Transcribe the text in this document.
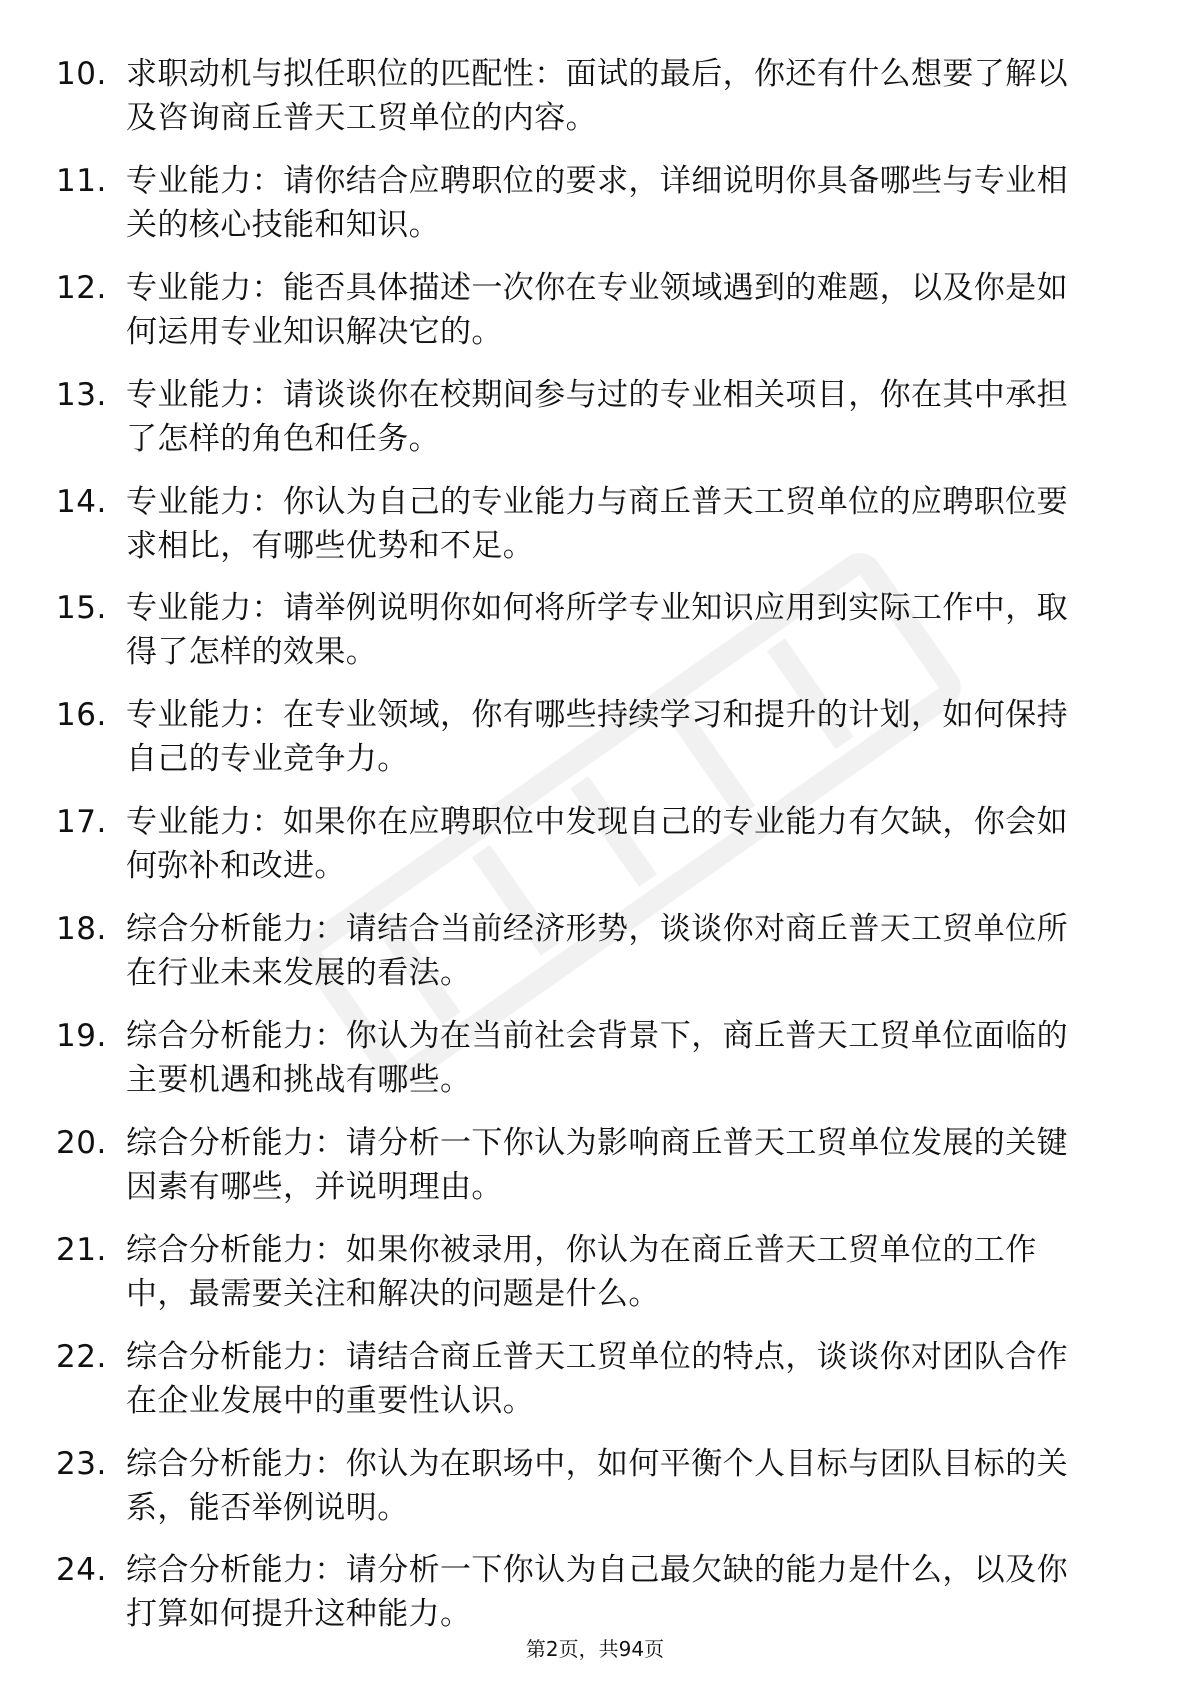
10. 求职动机与拟任职位的匹配性：面试的最后，你还有什么想要了解以及咨询商丘普天工贸单位的内容。
11. 专业能力：请你结合应聘职位的要求，详细说明你具备哪些与专业相关的核心技能和知识。
12. 专业能力：能否具体描述一次你在专业领域遇到的难题，以及你是如何运用专业知识解决它的。
13. 专业能力：请谈谈你在校期间参与过的专业相关项目，你在其中承担了怎样的角色和任务。
14. 专业能力：你认为自己的专业能力与商丘普天工贸单位的应聘职位要求相比，有哪些优势和不足。
15. 专业能力：请举例说明你如何将所学专业知识应用到实际工作中，取得了怎样的效果。
16. 专业能力：在专业领域，你有哪些持续学习和提升的计划，如何保持自己的专业竞争力。
17. 专业能力：如果你在应聘职位中发现自己的专业能力有欠缺，你会如何弥补和改进。
18. 综合分析能力：请结合当前经济形势，谈谈你对商丘普天工贸单位所在行业未来发展的看法。
19. 综合分析能力：你认为在当前社会背景下，商丘普天工贸单位面临的主要机遇和挑战有哪些。
20. 综合分析能力：请分析一下你认为影响商丘普天工贸单位发展的关键因素有哪些，并说明理由。
21. 综合分析能力：如果你被录用，你认为在商丘普天工贸单位的工作中，最需要关注和解决的问题是什么。
22. 综合分析能力：请结合商丘普天工贸单位的特点，谈谈你对团队合作在企业发展中的重要性认识。
23. 综合分析能力：你认为在职场中，如何平衡个人目标与团队目标的关系，能否举例说明。
24. 综合分析能力：请分析一下你认为自己最欠缺的能力是什么，以及你打算如何提升这种能力。
第2页，共94页
